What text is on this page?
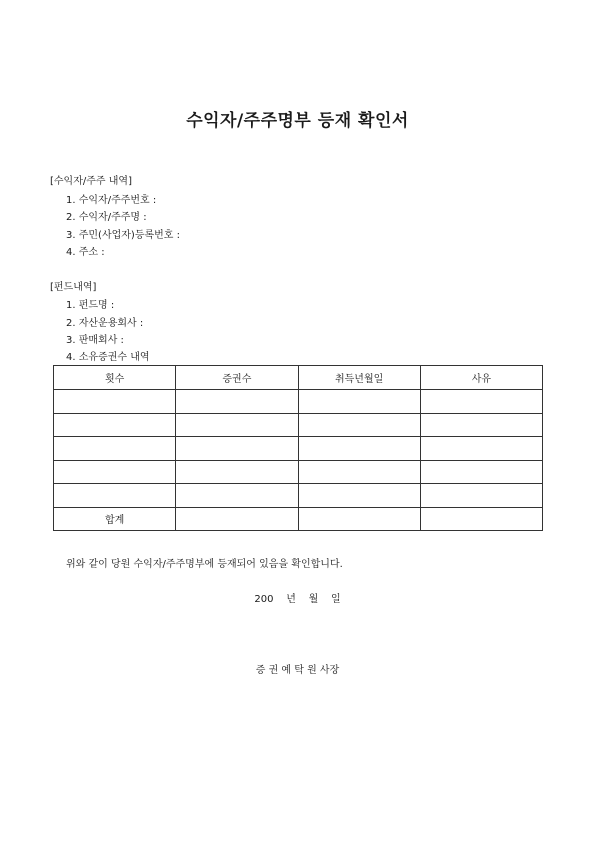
수익자/주주명부 등재 확인서
[수익자/주주 내역]
1. 수익자/주주번호 :
2. 수익자/주주명 :
3. 주민(사업자)등록번호 :
4. 주소 :
[펀드내역]
1. 펀드명 :
2. 자산운용회사 :
3. 판매회사 :
4. 소유증권수 내역
횟수	증권수	취득년월일	사유

합계			
위와 같이 당원 수익자/주주명부에 등재되어 있음을 확인합니다.
200    년    월    일
증 권 예 탁 원 사장
